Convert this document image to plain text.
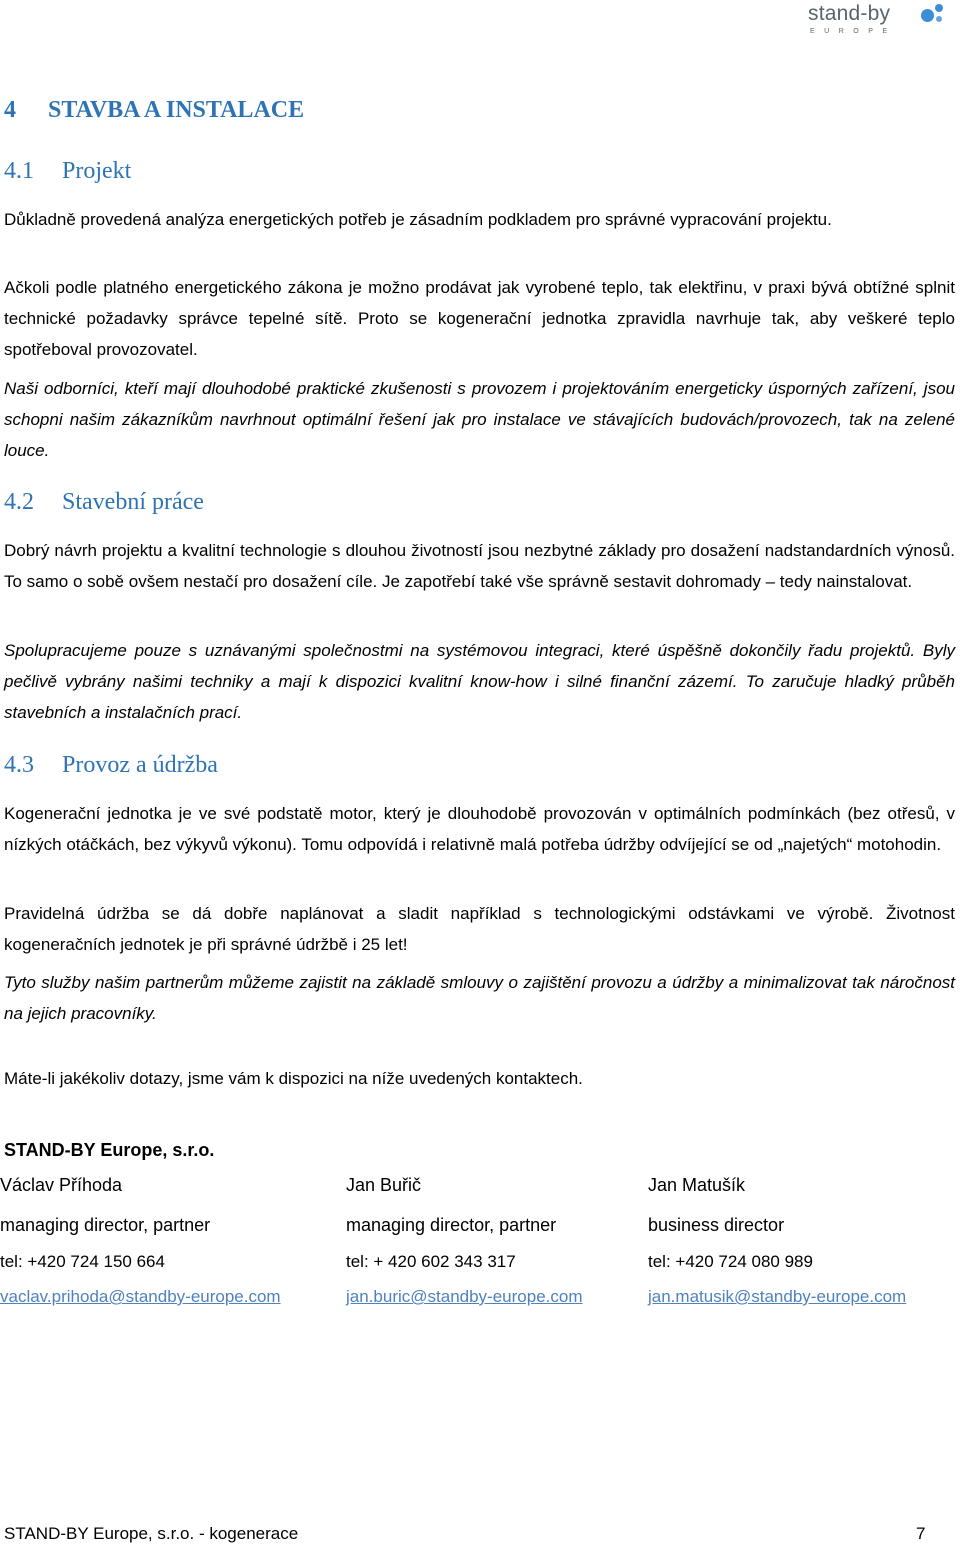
stand-by
EUROPE
4 STAVBA A INSTALACE
4.1 Projekt

Důkladně provedená analýza energetických potřeb je zásadním podkladem pro správné vypracování projektu.

Ačkoli podle platného energetického zákona je možno prodávat jak vyrobené teplo, tak elektřinu, v praxi bývá obtížné splnit technické požadavky správce tepelné sítě. Proto se kogenerační jednotka zpravidla navrhuje tak, aby veškeré teplo spotřeboval provozovatel.

Naši odborníci, kteří mají dlouhodobé praktické zkušenosti s provozem i projektováním energeticky úsporných zařízení, jsou schopni našim zákazníkům navrhnout optimální řešení jak pro instalace ve stávajících budovách/provozech, tak na zelené louce.

4.2 Stavební práce

Dobrý návrh projektu a kvalitní technologie s dlouhou životností jsou nezbytné základy pro dosažení nadstandardních výnosů. To samo o sobě ovšem nestačí pro dosažení cíle. Je zapotřebí také vše správně sestavit dohromady – tedy nainstalovat.

Spolupracujeme pouze s uznávanými společnostmi na systémovou integraci, které úspěšně dokončily řadu projektů. Byly pečlivě vybrány našimi techniky a mají k dispozici kvalitní know-how i silné finanční zázemí. To zaručuje hladký průběh stavebních a instalačních prací.

4.3 Provoz a údržba

Kogenerační jednotka je ve své podstatě motor, který je dlouhodobě provozován v optimálních podmínkách (bez otřesů, v nízkých otáčkách, bez výkyvů výkonu). Tomu odpovídá i relativně malá potřeba údržby odvíjející se od „najetých“ motohodin.

Pravidelná údržba se dá dobře naplánovat a sladit například s technologickými odstávkami ve výrobě. Životnost kogeneračních jednotek je při správné údržbě i 25 let!

Tyto služby našim partnerům můžeme zajistit na základě smlouvy o zajištění provozu a údržby a minimalizovat tak náročnost na jejich pracovníky.

Máte-li jakékoliv dotazy, jsme vám k dispozici na níže uvedených kontaktech.

STAND-BY Europe, s.r.o.
Václav Příhoda
managing director, partner
tel: +420 724 150 664
vaclav.prihoda@standby-europe.com
Jan Buřič
managing director, partner
tel: + 420 602 343 317
jan.buric@standby-europe.com
Jan Matušík
business director
tel: +420 724 080 989
jan.matusik@standby-europe.com
STAND-BY Europe, s.r.o. - kogenerace	7
